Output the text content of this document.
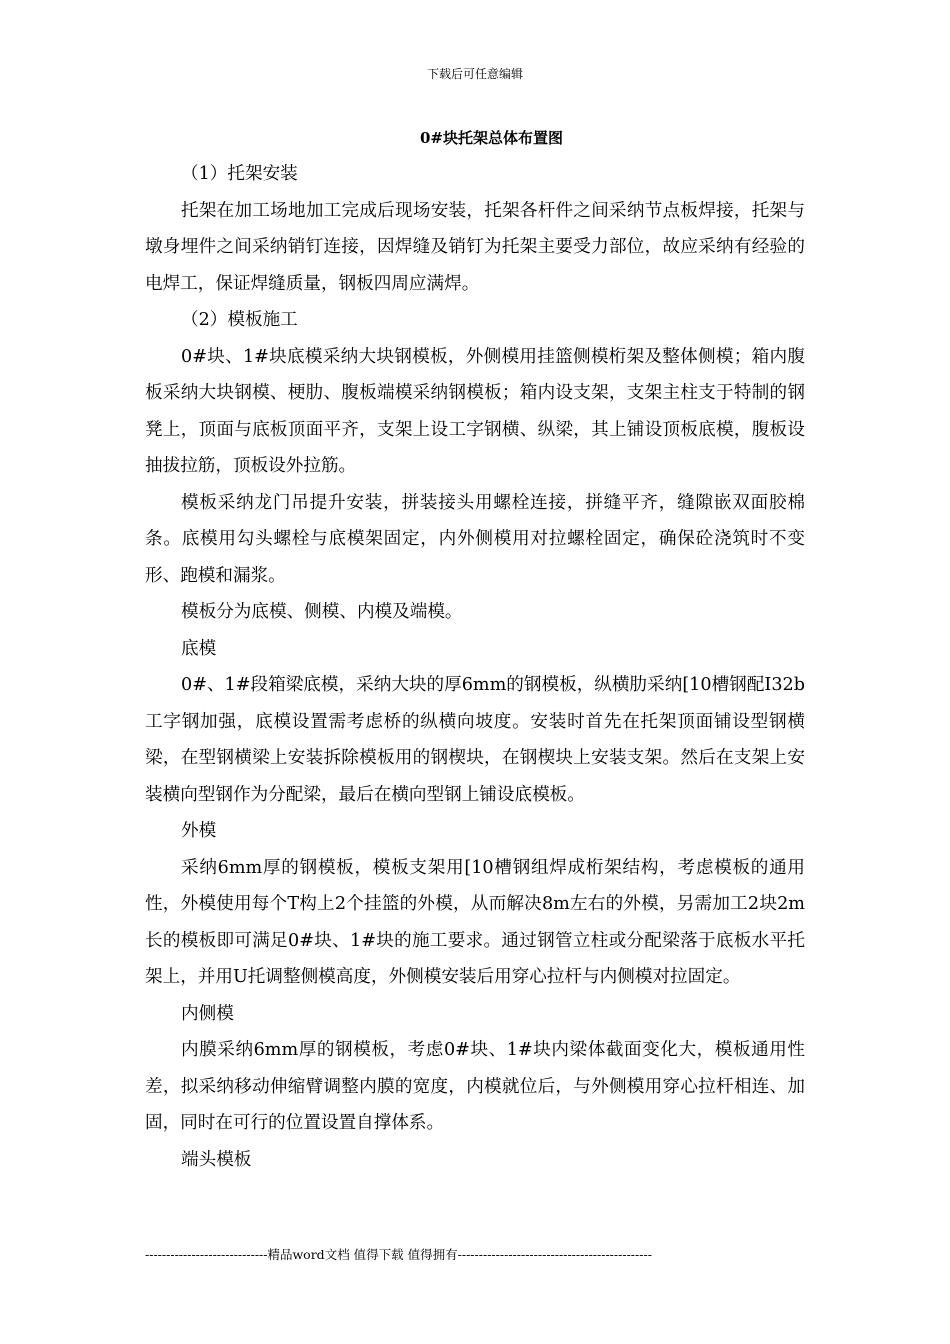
下载后可任意编辑
0#块托架总体布置图

（1）托架安装

托架在加工场地加工完成后现场安装，托架各杆件之间采纳节点板焊接，托架与墩身埋件之间采纳销钉连接，因焊缝及销钉为托架主要受力部位，故应采纳有经验的电焊工，保证焊缝质量，钢板四周应满焊。

（2）模板施工

0#块、1#块底模采纳大块钢模板，外侧模用挂篮侧模桁架及整体侧模；箱内腹板采纳大块钢模、梗肋、腹板端模采纳钢模板；箱内设支架，支架主柱支于特制的钢凳上，顶面与底板顶面平齐，支架上设工字钢横、纵梁，其上铺设顶板底模，腹板设抽拔拉筋，顶板设外拉筋。

模板采纳龙门吊提升安装，拼装接头用螺栓连接，拼缝平齐，缝隙嵌双面胶棉条。底模用勾头螺栓与底模架固定，内外侧模用对拉螺栓固定，确保砼浇筑时不变形、跑模和漏浆。

模板分为底模、侧模、内模及端模。

底模

0#、1#段箱梁底模，采纳大块的厚6mm的钢模板，纵横肋采纳[10槽钢配I32b工字钢加强，底模设置需考虑桥的纵横向坡度。安装时首先在托架顶面铺设型钢横梁，在型钢横梁上安装拆除模板用的钢楔块，在钢楔块上安装支架。然后在支架上安装横向型钢作为分配梁，最后在横向型钢上铺设底模板。

外模

采纳6mm厚的钢模板，模板支架用[10槽钢组焊成桁架结构，考虑模板的通用性，外模使用每个T构上2个挂篮的外模，从而解决8m左右的外模，另需加工2块2m长的模板即可满足0#块、1#块的施工要求。通过钢管立柱或分配梁落于底板水平托架上，并用U托调整侧模高度，外侧模安装后用穿心拉杆与内侧模对拉固定。

内侧模

内膜采纳6mm厚的钢模板，考虑0#块、1#块内梁体截面变化大，模板通用性差，拟采纳移动伸缩臂调整内膜的宽度，内模就位后，与外侧模用穿心拉杆相连、加固，同时在可行的位置设置自撑体系。

端头模板

-----------------------------精品word文档 值得下载 值得拥有----------------------------------------------
